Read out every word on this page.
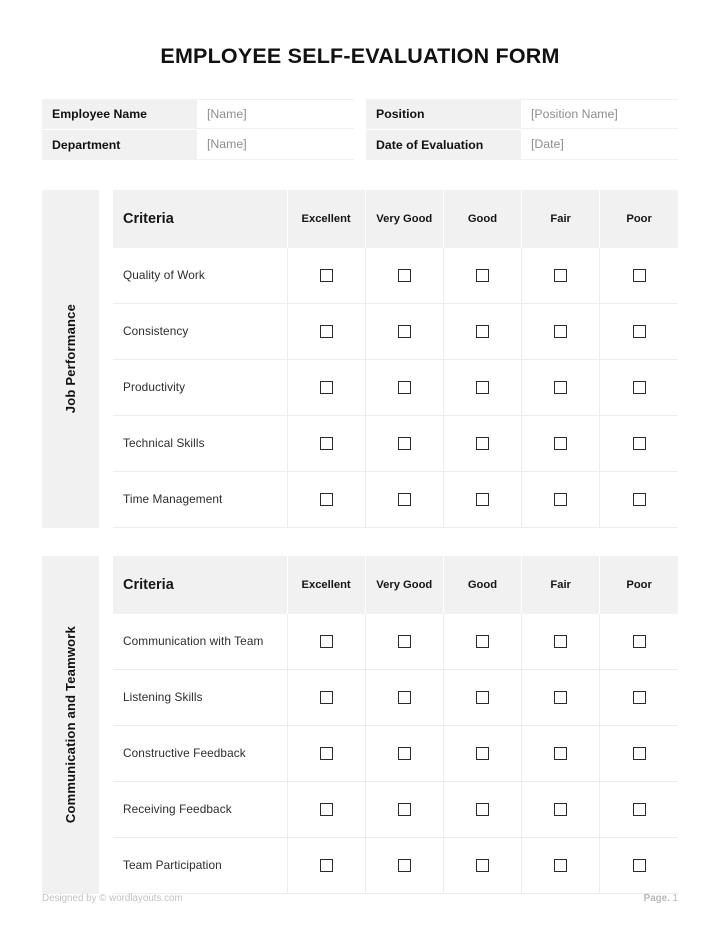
EMPLOYEE SELF-EVALUATION FORM
Employee Name	[Name]
Department	[Name]
Position	[Position Name]
Date of Evaluation	[Date]
Job Performance
Criteria	Excellent	Very Good	Good	Fair	Poor
Quality of Work					
Consistency					
Productivity					
Technical Skills					
Time Management					
Communication and Teamwork
Criteria	Excellent	Very Good	Good	Fair	Poor
Communication with Team					
Listening Skills					
Constructive Feedback					
Receiving Feedback					
Team Participation					
Designed by © wordlayouts.com	Page. 1
